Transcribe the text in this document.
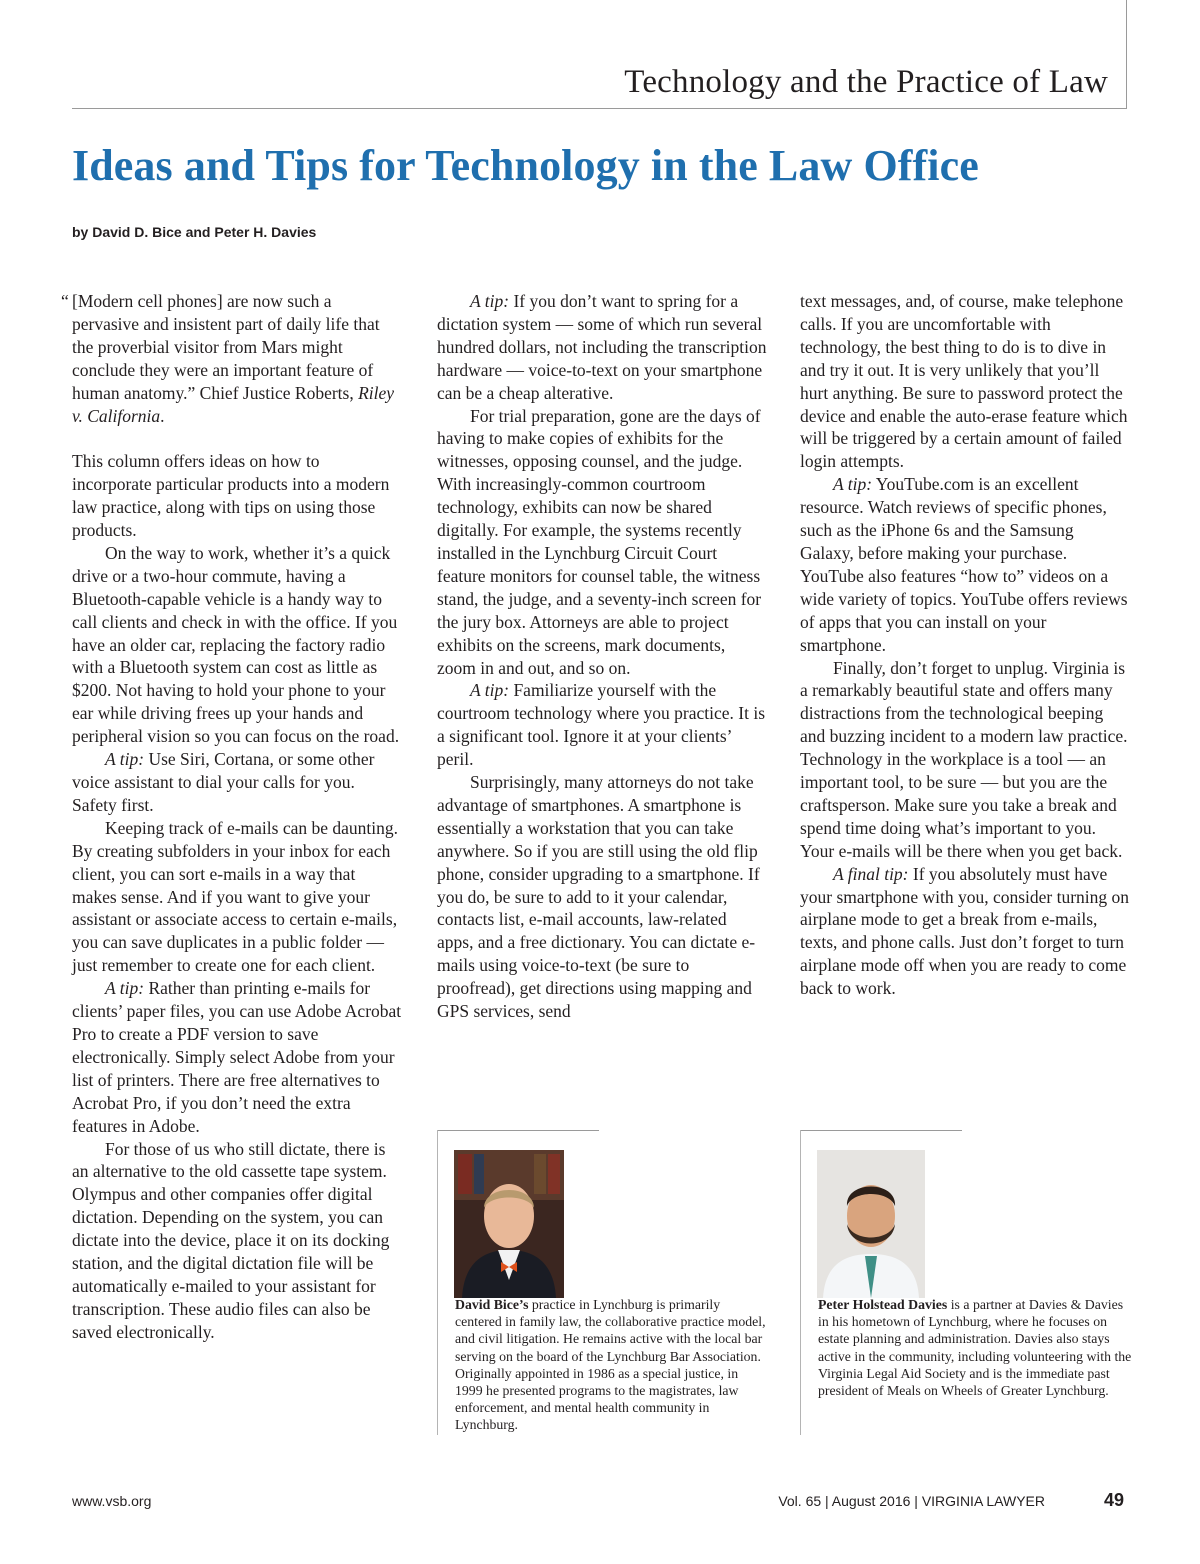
Technology and the Practice of Law
Ideas and Tips for Technology in the Law Office
by David D. Bice and Peter H. Davies

“ [Modern cell phones] are now such a pervasive and insistent part of daily life that the proverbial visitor from Mars might conclude they were an important feature of human anatomy.” Chief Justice Roberts, Riley v. California.

This column offers ideas on how to incorporate particular products into a modern law practice, along with tips on using those products.

On the way to work, whether it’s a quick drive or a two-hour commute, having a Bluetooth-capable vehicle is a handy way to call clients and check in with the office. If you have an older car, replacing the factory radio with a Bluetooth system can cost as little as $200. Not having to hold your phone to your ear while driving frees up your hands and peripheral vision so you can focus on the road.

A tip: Use Siri, Cortana, or some other voice assistant to dial your calls for you. Safety first.

Keeping track of e-mails can be daunting. By creating subfolders in your inbox for each client, you can sort e-mails in a way that makes sense. And if you want to give your assistant or associate access to certain e-mails, you can save duplicates in a public folder — just remember to create one for each client.

A tip: Rather than printing e-mails for clients’ paper files, you can use Adobe Acrobat Pro to create a PDF version to save electronically. Simply select Adobe from your list of printers. There are free alternatives to Acrobat Pro, if you don’t need the extra features in Adobe.

For those of us who still dictate, there is an alternative to the old cassette tape system. Olympus and other companies offer digital dictation. Depending on the system, you can dictate into the device, place it on its docking station, and the digital dictation file will be automatically e-mailed to your assistant for transcription. These audio files can also be saved electronically.

A tip: If you don’t want to spring for a dictation system — some of which run several hundred dollars, not including the transcription hardware — voice-to-text on your smartphone can be a cheap alterative.

For trial preparation, gone are the days of having to make copies of exhibits for the witnesses, opposing counsel, and the judge. With increasingly-common courtroom technology, exhibits can now be shared digitally. For example, the systems recently installed in the Lynchburg Circuit Court feature monitors for counsel table, the witness stand, the judge, and a seventy-inch screen for the jury box. Attorneys are able to project exhibits on the screens, mark documents, zoom in and out, and so on.

A tip: Familiarize yourself with the courtroom technology where you practice. It is a significant tool. Ignore it at your clients’ peril.

Surprisingly, many attorneys do not take advantage of smartphones. A smartphone is essentially a workstation that you can take anywhere. So if you are still using the old flip phone, consider upgrading to a smartphone. If you do, be sure to add to it your calendar, contacts list, e-mail accounts, law-related apps, and a free dictionary. You can dictate e-mails using voice-to-text (be sure to proofread), get directions using mapping and GPS services, send

text messages, and, of course, make telephone calls. If you are uncomfortable with technology, the best thing to do is to dive in and try it out. It is very unlikely that you’ll hurt anything. Be sure to password protect the device and enable the auto-erase feature which will be triggered by a certain amount of failed login attempts.

A tip: YouTube.com is an excellent resource. Watch reviews of specific phones, such as the iPhone 6s and the Samsung Galaxy, before making your purchase. YouTube also features “how to” videos on a wide variety of topics. YouTube offers reviews of apps that you can install on your smartphone.

Finally, don’t forget to unplug. Virginia is a remarkably beautiful state and offers many distractions from the technological beeping and buzzing incident to a modern law practice. Technology in the workplace is a tool — an important tool, to be sure — but you are the craftsperson. Make sure you take a break and spend time doing what’s important to you. Your e-mails will be there when you get back.

A final tip: If you absolutely must have your smartphone with you, consider turning on airplane mode to get a break from e-mails, texts, and phone calls. Just don’t forget to turn airplane mode off when you are ready to come back to work.

David Bice’s practice in Lynchburg is primarily centered in family law, the collaborative practice model, and civil litigation. He remains active with the local bar serving on the board of the Lynchburg Bar Association. Originally appointed in 1986 as a special justice, in 1999 he presented programs to the magistrates, law enforcement, and mental health community in Lynchburg.
Peter Holstead Davies is a partner at Davies & Davies in his hometown of Lynchburg, where he focuses on estate planning and administration. Davies also stays active in the community, including volunteering with the Virginia Legal Aid Society and is the immediate past president of Meals on Wheels of Greater Lynchburg.
www.vsb.org	Vol. 65 | August 2016 | VIRGINIA LAWYER	49
